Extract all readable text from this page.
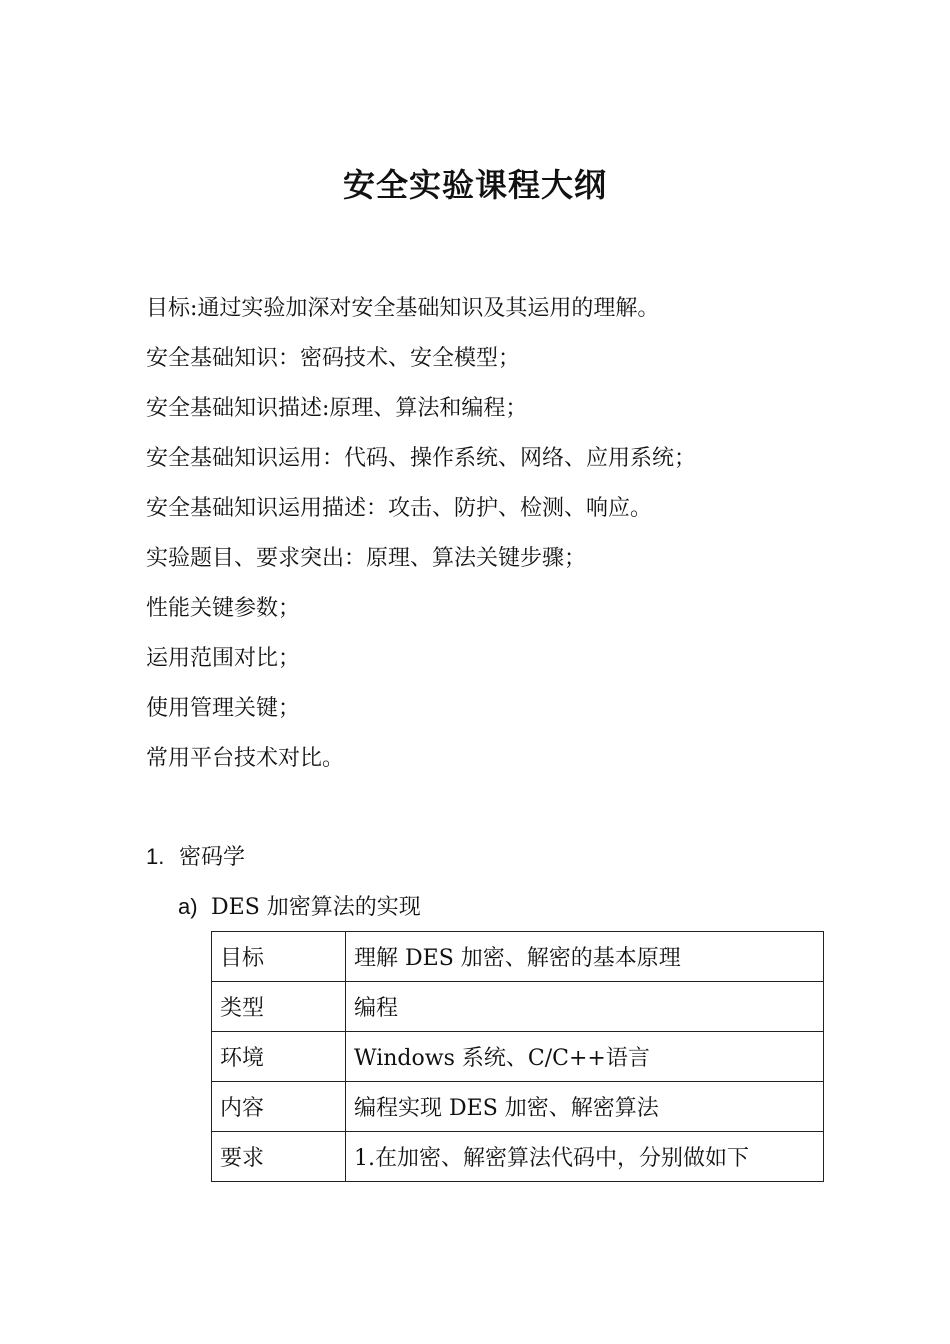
安全实验课程大纲
目标:通过实验加深对安全基础知识及其运用的理解。
安全基础知识：密码技术、安全模型；
安全基础知识描述:原理、算法和编程；
安全基础知识运用：代码、操作系统、网络、应用系统；
安全基础知识运用描述：攻击、防护、检测、响应。
实验题目、要求突出：原理、算法关键步骤；
性能关键参数；
运用范围对比；
使用管理关键；
常用平台技术对比。
1. 密码学
a) DES 加密算法的实现
目标	理解 DES 加密、解密的基本原理
类型	编程
环境	Windows 系统、C/C++语言
内容	编程实现 DES 加密、解密算法
要求	1.在加密、解密算法代码中，分别做如下
